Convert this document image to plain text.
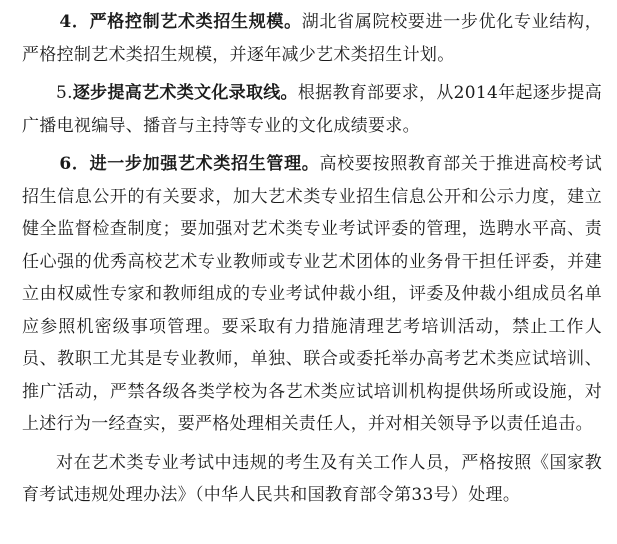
4．严格控制艺术类招生规模。湖北省属院校要进一步优化专业结构，严格控制艺术类招生规模，并逐年减少艺术类招生计划。

5.逐步提高艺术类文化录取线。根据教育部要求，从2014年起逐步提高广播电视编导、播音与主持等专业的文化成绩要求。

6．进一步加强艺术类招生管理。高校要按照教育部关于推进高校考试招生信息公开的有关要求，加大艺术类专业招生信息公开和公示力度，建立健全监督检查制度；要加强对艺术类专业考试评委的管理，选聘水平高、责任心强的优秀高校艺术专业教师或专业艺术团体的业务骨干担任评委，并建立由权威性专家和教师组成的专业考试仲裁小组，评委及仲裁小组成员名单应参照机密级事项管理。要采取有力措施清理艺考培训活动，禁止工作人员、教职工尤其是专业教师，单独、联合或委托举办高考艺术类应试培训、推广活动，严禁各级各类学校为各艺术类应试培训机构提供场所或设施，对上述行为一经查实，要严格处理相关责任人，并对相关领导予以责任追击。

对在艺术类专业考试中违规的考生及有关工作人员，严格按照《国家教育考试违规处理办法》（中华人民共和国教育部令第33号）处理。
